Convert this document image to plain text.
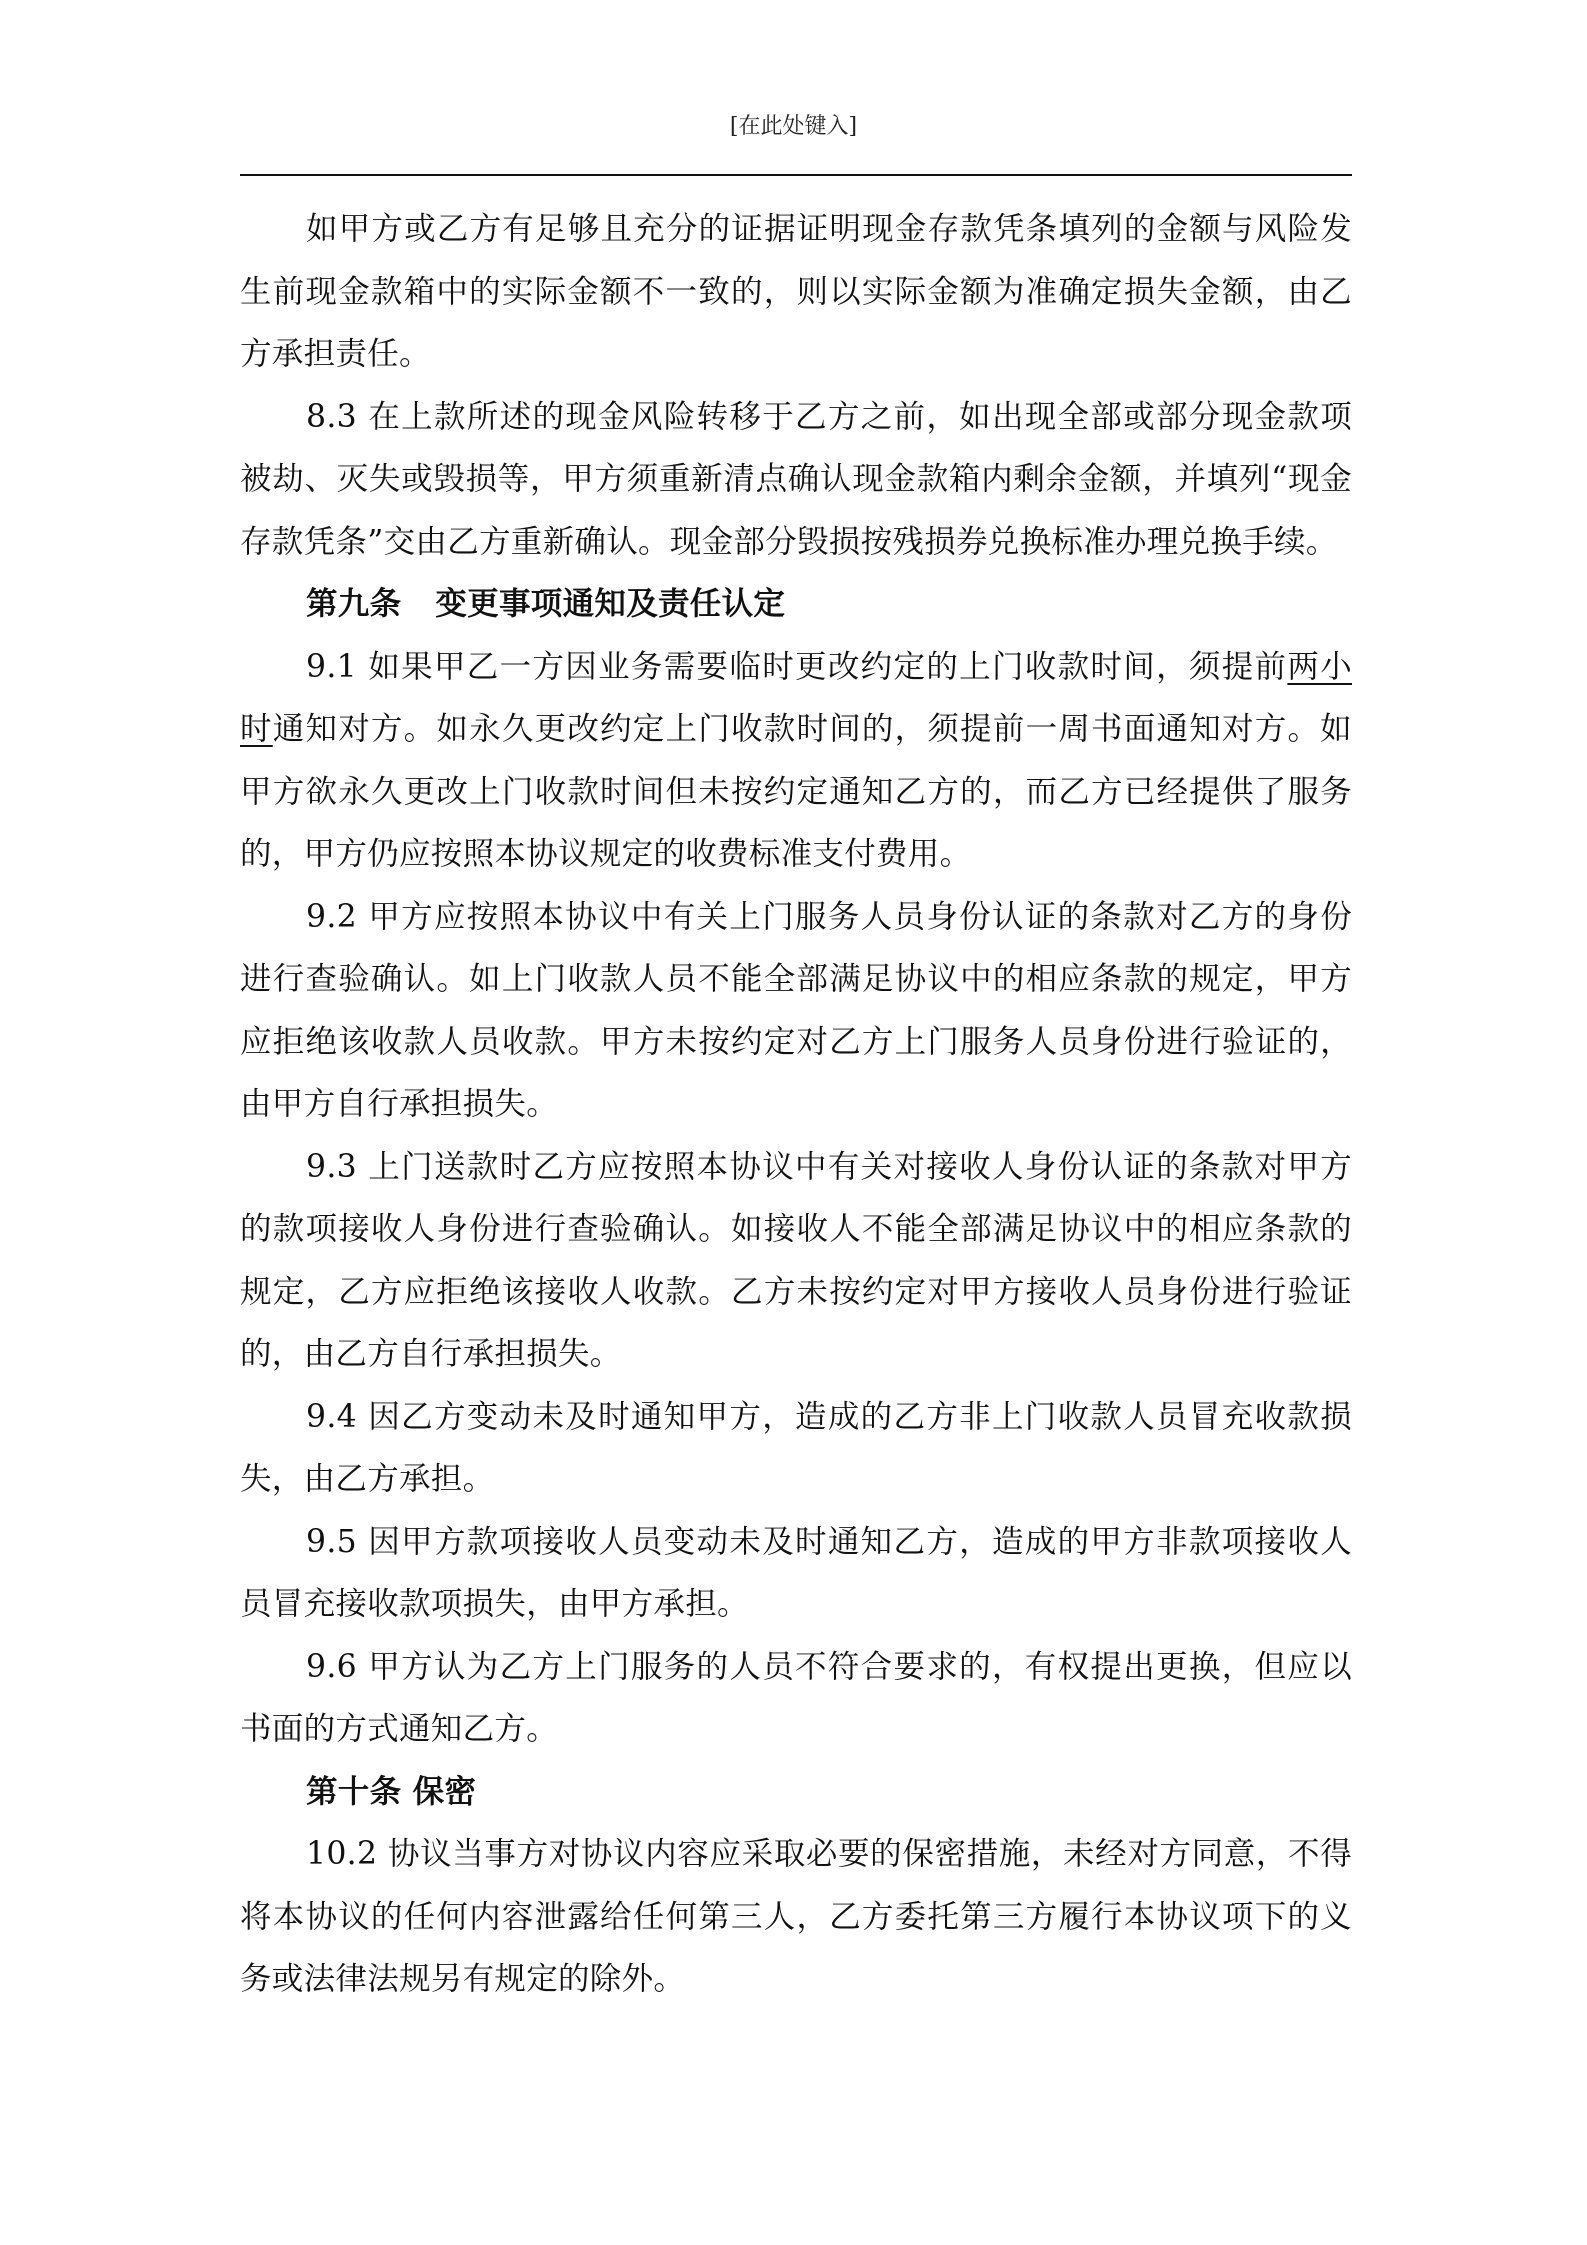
[在此处键入]

如甲方或乙方有足够且充分的证据证明现金存款凭条填列的金额与风险发生前现金款箱中的实际金额不一致的，则以实际金额为准确定损失金额，由乙方承担责任。

8.3 在上款所述的现金风险转移于乙方之前，如出现全部或部分现金款项被劫、灭失或毁损等，甲方须重新清点确认现金款箱内剩余金额，并填列“现金存款凭条”交由乙方重新确认。现金部分毁损按残损券兑换标准办理兑换手续。

第九条 变更事项通知及责任认定

9.1 如果甲乙一方因业务需要临时更改约定的上门收款时间，须提前两小时通知对方。如永久更改约定上门收款时间的，须提前一周书面通知对方。如甲方欲永久更改上门收款时间但未按约定通知乙方的，而乙方已经提供了服务的，甲方仍应按照本协议规定的收费标准支付费用。

9.2 甲方应按照本协议中有关上门服务人员身份认证的条款对乙方的身份进行查验确认。如上门收款人员不能全部满足协议中的相应条款的规定，甲方应拒绝该收款人员收款。甲方未按约定对乙方上门服务人员身份进行验证的，由甲方自行承担损失。

9.3 上门送款时乙方应按照本协议中有关对接收人身份认证的条款对甲方的款项接收人身份进行查验确认。如接收人不能全部满足协议中的相应条款的规定，乙方应拒绝该接收人收款。乙方未按约定对甲方接收人员身份进行验证的，由乙方自行承担损失。

9.4 因乙方变动未及时通知甲方，造成的乙方非上门收款人员冒充收款损失，由乙方承担。

9.5 因甲方款项接收人员变动未及时通知乙方，造成的甲方非款项接收人员冒充接收款项损失，由甲方承担。

9.6 甲方认为乙方上门服务的人员不符合要求的，有权提出更换，但应以书面的方式通知乙方。

第十条 保密

10.2 协议当事方对协议内容应采取必要的保密措施，未经对方同意，不得将本协议的任何内容泄露给任何第三人，乙方委托第三方履行本协议项下的义务或法律法规另有规定的除外。
